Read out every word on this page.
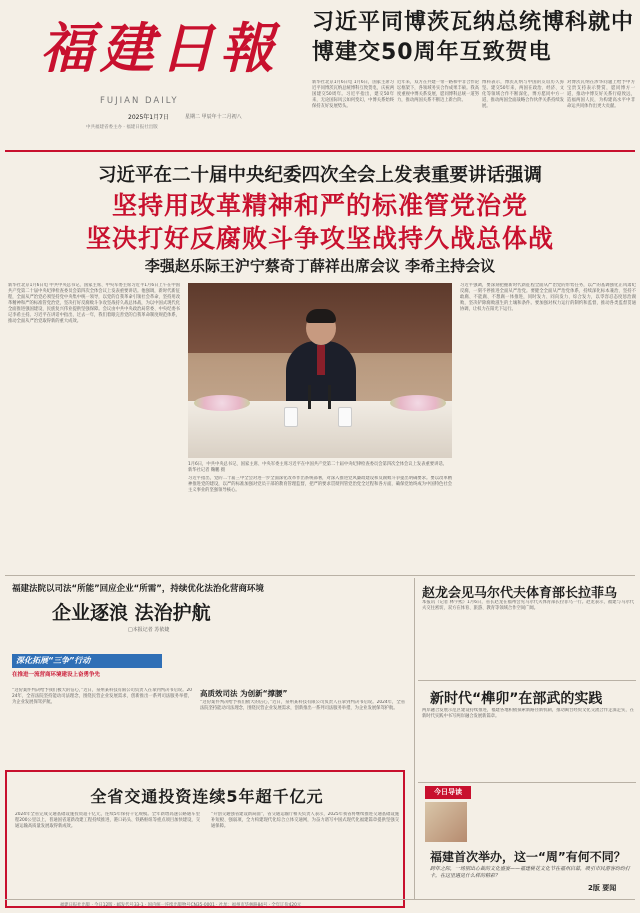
福建日報
FUJIAN DAILY
2025年1月7日	星期二 甲辰年十二月初八
中共福建省委主办 · 福建日报社出版
习近平同博茨瓦纳总统博科就中博建交50周年互致贺电
新华社北京1月6日电 1月6日，国家主席习近平同博茨瓦纳总统博科互致贺电，庆祝两国建交50周年。习近平指出，建交50年来，无论国际风云如何变幻，中博关系始终保持友好发展势头。
近年来，双方在共建一带一路和中非合作论坛框架下，各领域务实合作成果丰硕。我高度重视中博关系发展，愿同博科总统一道努力，推动两国关系不断迈上新台阶。
博科表示，博茨瓦纳与中国的友谊历久弥坚。建交50年来，两国在政治、经济、文化等领域合作不断深化，博方愿同中方一道，推动两国全面战略合作伙伴关系持续发展。
对博茨瓦纳在涉华问题上给予中方宝贵支持表示赞赏，愿同博方一道，推动中博友好关系行稳致远，造福两国人民，为构建高水平中非命运共同体作出更大贡献。
习近平在二十届中央纪委四次全会上发表重要讲话强调
坚持用改革精神和严的标准管党治党
坚决打好反腐败斗争攻坚战持久战总体战
李强赵乐际王沪宁蔡奇丁薛祥出席会议 李希主持会议
新华社北京1月6日电 中共中央总书记、国家主席、中央军委主席习近平1月6日上午在中国共产党第二十届中央纪律检查委员会第四次全体会议上发表重要讲话。他强调，新时代新征程，全面从严治党必须坚持党中央集中统一领导，以党的自我革命引领社会革命，坚持用改革精神和严的标准管党治党，坚决打好反腐败斗争攻坚战持久战总体战，为以中国式现代化全面推进强国建设、民族复兴伟业提供坚强保障。会议由中共中央政治局常委、中央纪委书记李希主持。习近平在讲话中指出，过去一年，我们着眼完善党的自我革命制度规范体系，推动全面从严治党取得新的重大成效。
习近平强调，要深刻把握新时代新征程全面从严治党的形势任务，以严的基调强化正风肃纪反腐，一刻不停推进全面从严治党。要健全全面从严治党体系，持续深化标本兼治，坚持不敢腐、不能腐、不想腐一体推进，同时发力、同向发力、综合发力，以零容忍态度惩治腐败，坚决铲除腐败滋生的土壤和条件。要加强对权力运行的制约和监督，推动各类监督贯通协调，让权力在阳光下运行。
习近平指出，党的二十届三中全会对进一步全面深化改革作出系统部署，对深入推进党风廉政建设和反腐败斗争提出明确要求。要以改革精神推进党的建设，以严的标准加强对党员干部的教育管理监督，把严的要求贯彻到管党治党全过程和各方面，确保党始终成为中国特色社会主义事业的坚强领导核心。
1月6日，中共中央总书记、国家主席、中央军委主席习近平在中国共产党第二十届中央纪律检查委员会第四次全体会议上发表重要讲话。 新华社记者 鞠鹏 摄
福建法院以司法“所能”回应企业“所需”，持续优化法治化营商环境
企业逐浪 法治护航
□本报记者 苏依婕
深化拓展“三争”行动
在推进一流营商环境建设上奋勇争先
高质效司法 为创新“撑腰”
“这份案件判决给予我们极大的信心，”近日，泉州某科技有限公司负责人在拿到判决书后说。2024年，全省法院坚持能动司法理念，围绕民营企业发展需求，创新推出一系列司法服务举措，为企业发展保驾护航。	“这份案件判决给予我们极大的信心，”近日，泉州某科技有限公司负责人在拿到判决书后说。2024年，全省法院坚持能动司法理念，围绕民营企业发展需求，创新推出一系列司法服务举措，为企业发展保驾护航。
全省交通投资连续5年超千亿元
2024年全省完成交通基础设施投资超千亿元，连续5年保持千亿规模。全年新增高速公路通车里程200公里以上，普通国省道新改建工程持续推进，港口码头、铁路枢纽等重点项目加快建设，交通运输高质量发展取得新成效。
“开创交通强省建设新局面”，省交通运输厅相关负责人表示，2025年我省将继续推进交通基础设施补短板、强弱项，全力构建现代化综合立体交通网，为奋力谱写中国式现代化福建篇章提供坚强交通保障。
赵龙会见马尔代夫体育部长拉菲乌
本报讯（记者 林宇熙）1月6日，省长赵龙在福州会见马尔代夫体育部长拉菲乌一行。赵龙表示，福建与马尔代夫交往密切，双方在体育、旅游、教育等领域合作空间广阔。
新时代“榫卯”在部武的实践
两岸融合发展示范区建设持续推进，福建各地积极探索新路径新机制，推动闽台经贸文化交流合作走深走实，在新时代实践中书写两岸融合发展新篇章。
今日导读
福建首次举办，这一“周”有何不同？
跨年之际，一场别出心裁的文化盛宴——福建桃花文化节在福州启幕，吸引市民游客纷纷打卡。在这里遇见什么样的精彩？
2版 要闻
福建日报社出版 · 今日12版 · 邮发代号33-1 · 国内统一连续出版物号CN35-0001 · 社址：福州市华林路84号 · 全年订价420元
